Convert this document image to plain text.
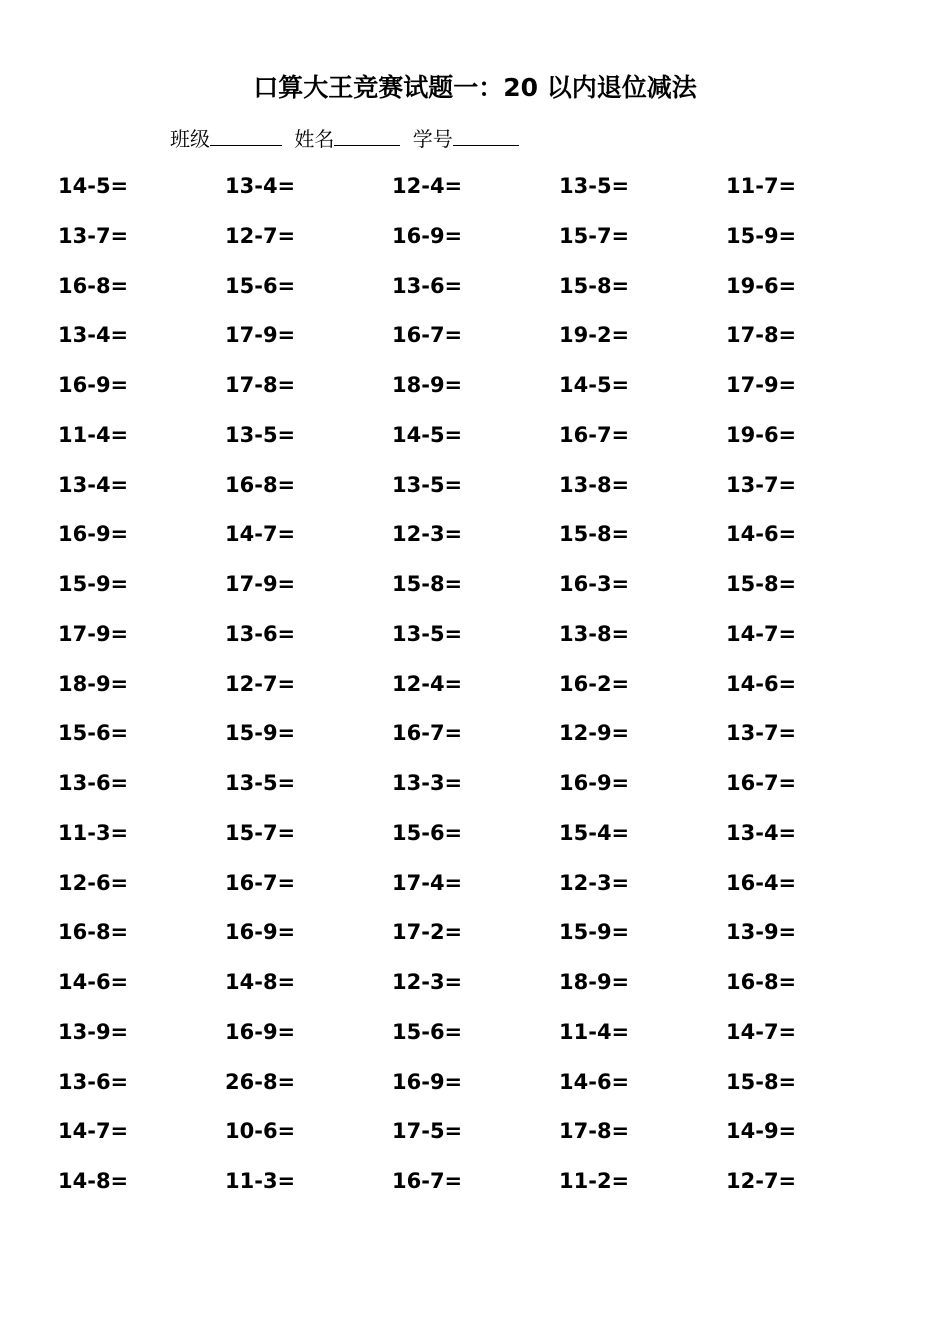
口算大王竞赛试题一：20 以内退位减法
班级	姓名	学号
14-5=	13-4=	12-4=	13-5=	11-7=
13-7=	12-7=	16-9=	15-7=	15-9=
16-8=	15-6=	13-6=	15-8=	19-6=
13-4=	17-9=	16-7=	19-2=	17-8=
16-9=	17-8=	18-9=	14-5=	17-9=
11-4=	13-5=	14-5=	16-7=	19-6=
13-4=	16-8=	13-5=	13-8=	13-7=
16-9=	14-7=	12-3=	15-8=	14-6=
15-9=	17-9=	15-8=	16-3=	15-8=
17-9=	13-6=	13-5=	13-8=	14-7=
18-9=	12-7=	12-4=	16-2=	14-6=
15-6=	15-9=	16-7=	12-9=	13-7=
13-6=	13-5=	13-3=	16-9=	16-7=
11-3=	15-7=	15-6=	15-4=	13-4=
12-6=	16-7=	17-4=	12-3=	16-4=
16-8=	16-9=	17-2=	15-9=	13-9=
14-6=	14-8=	12-3=	18-9=	16-8=
13-9=	16-9=	15-6=	11-4=	14-7=
13-6=	26-8=	16-9=	14-6=	15-8=
14-7=	10-6=	17-5=	17-8=	14-9=
14-8=	11-3=	16-7=	11-2=	12-7=
